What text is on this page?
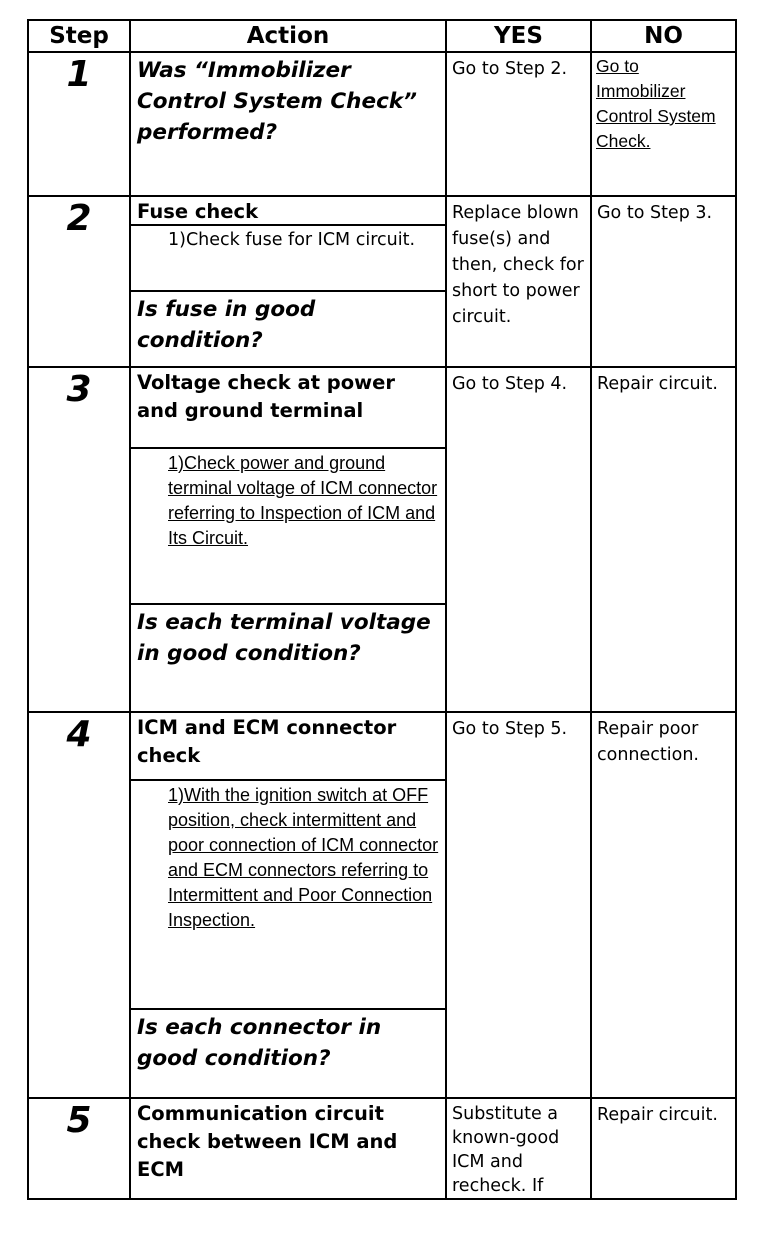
Step	Action	YES	NO
1	Was “Immobilizer Control System Check” performed?	Go to Step 2.	Go to Immobilizer Control System Check.

2	Fuse check
1)Check fuse for ICM circuit.
Is fuse in good condition?	Replace blown fuse(s) and then, check for short to power circuit.	Go to Step 3.

3	Voltage check at power and ground terminal
1)Check power and ground terminal voltage of ICM connector referring to Inspection of ICM and Its Circuit.
Is each terminal voltage in good condition?	Go to Step 4.	Repair circuit.

4	ICM and ECM connector check
1)With the ignition switch at OFF position, check intermittent and poor connection of ICM connector and ECM connectors referring to Intermittent and Poor Connection Inspection.
Is each connector in good condition?	Go to Step 5.	Repair poor connection.

5	Communication circuit check between ICM and ECM	Substitute a known-good ICM and recheck. If	Repair circuit.
